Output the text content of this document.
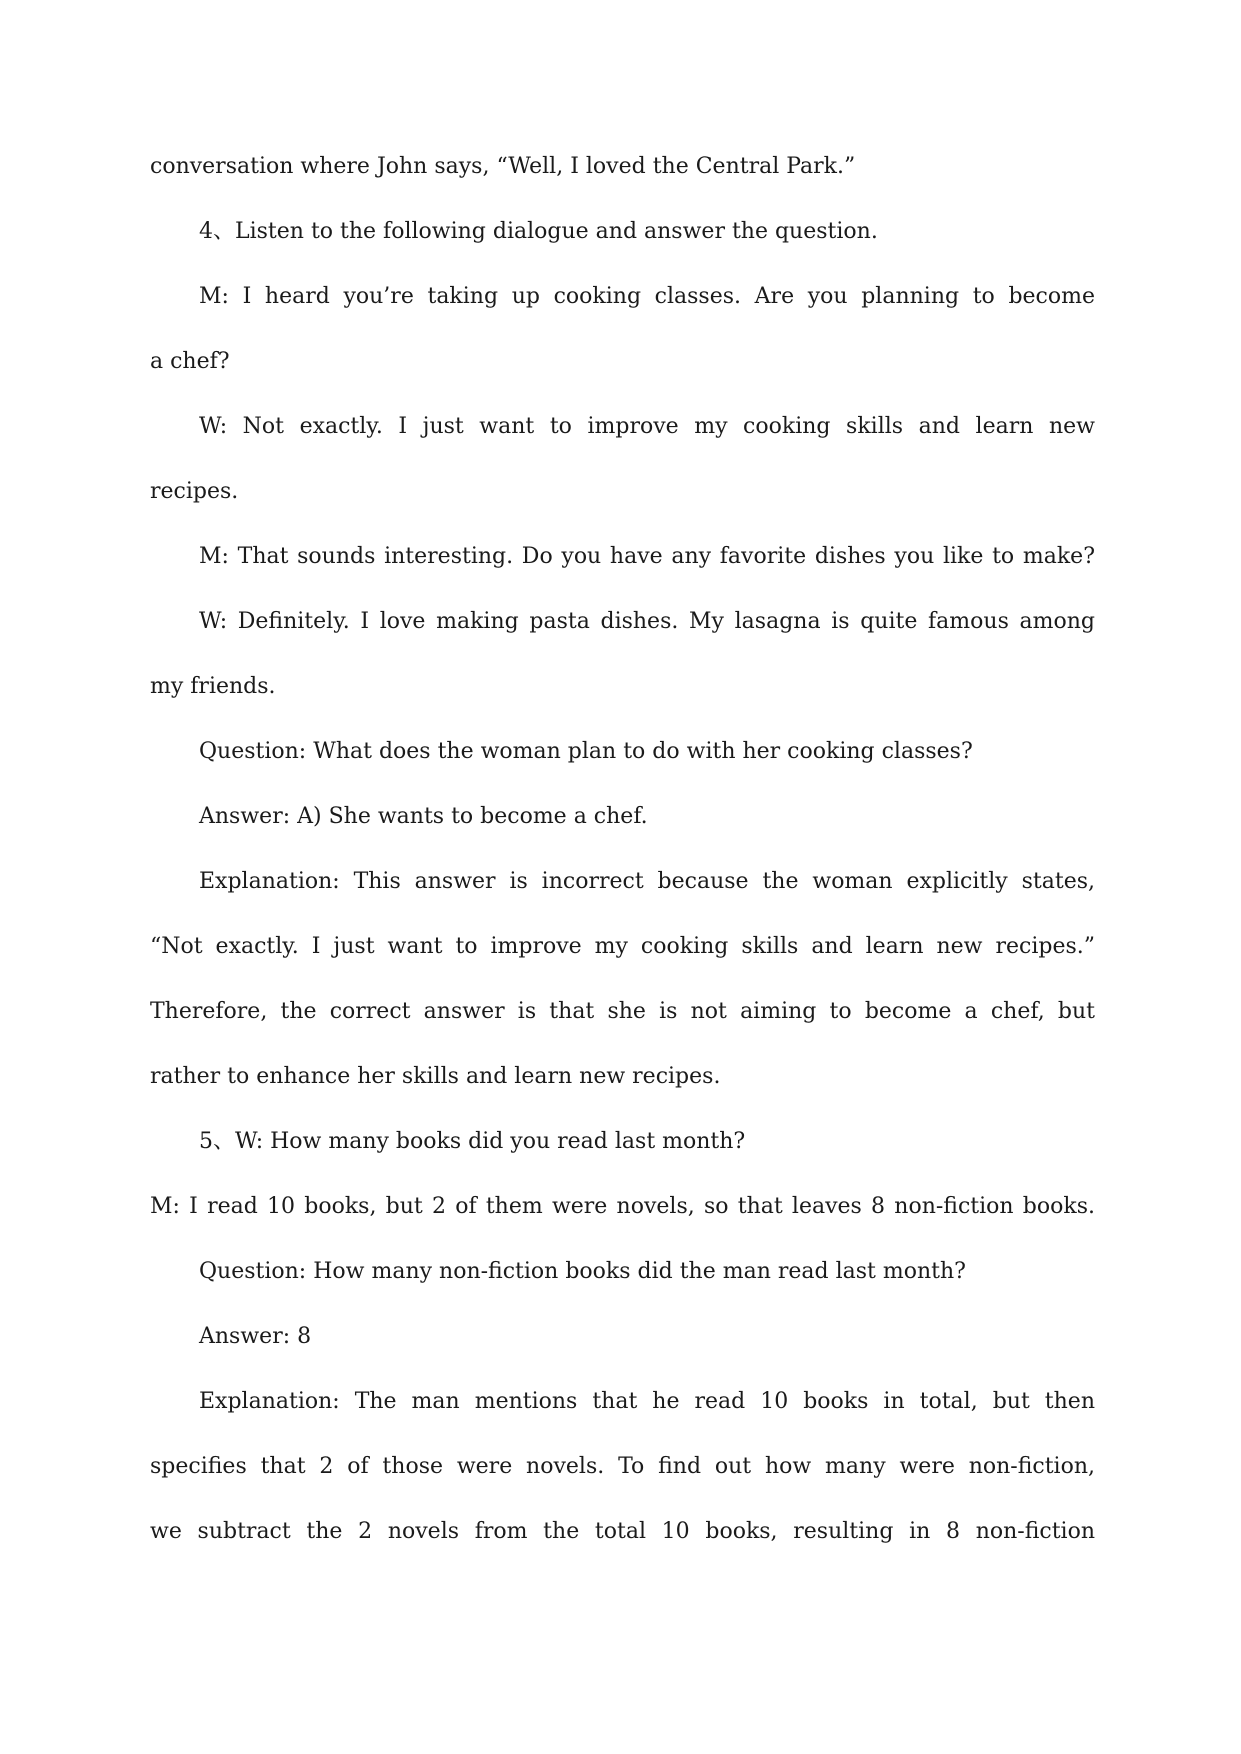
conversation where John says, “Well, I loved the Central Park.”
4、Listen to the following dialogue and answer the question.
M: I heard you’re taking up cooking classes. Are you planning to become
a chef?
W: Not exactly. I just want to improve my cooking skills and learn new
recipes.
M: That sounds interesting. Do you have any favorite dishes you like to make?
W: Definitely. I love making pasta dishes. My lasagna is quite famous among
my friends.
Question: What does the woman plan to do with her cooking classes?
Answer: A) She wants to become a chef.
Explanation: This answer is incorrect because the woman explicitly states,
“Not exactly. I just want to improve my cooking skills and learn new recipes.”
Therefore, the correct answer is that she is not aiming to become a chef, but
rather to enhance her skills and learn new recipes.
5、W: How many books did you read last month?
M: I read 10 books, but 2 of them were novels, so that leaves 8 non-fiction books.
Question: How many non-fiction books did the man read last month?
Answer: 8
Explanation: The man mentions that he read 10 books in total, but then
specifies that 2 of those were novels. To find out how many were non-fiction,
we subtract the 2 novels from the total 10 books, resulting in 8 non-fiction
